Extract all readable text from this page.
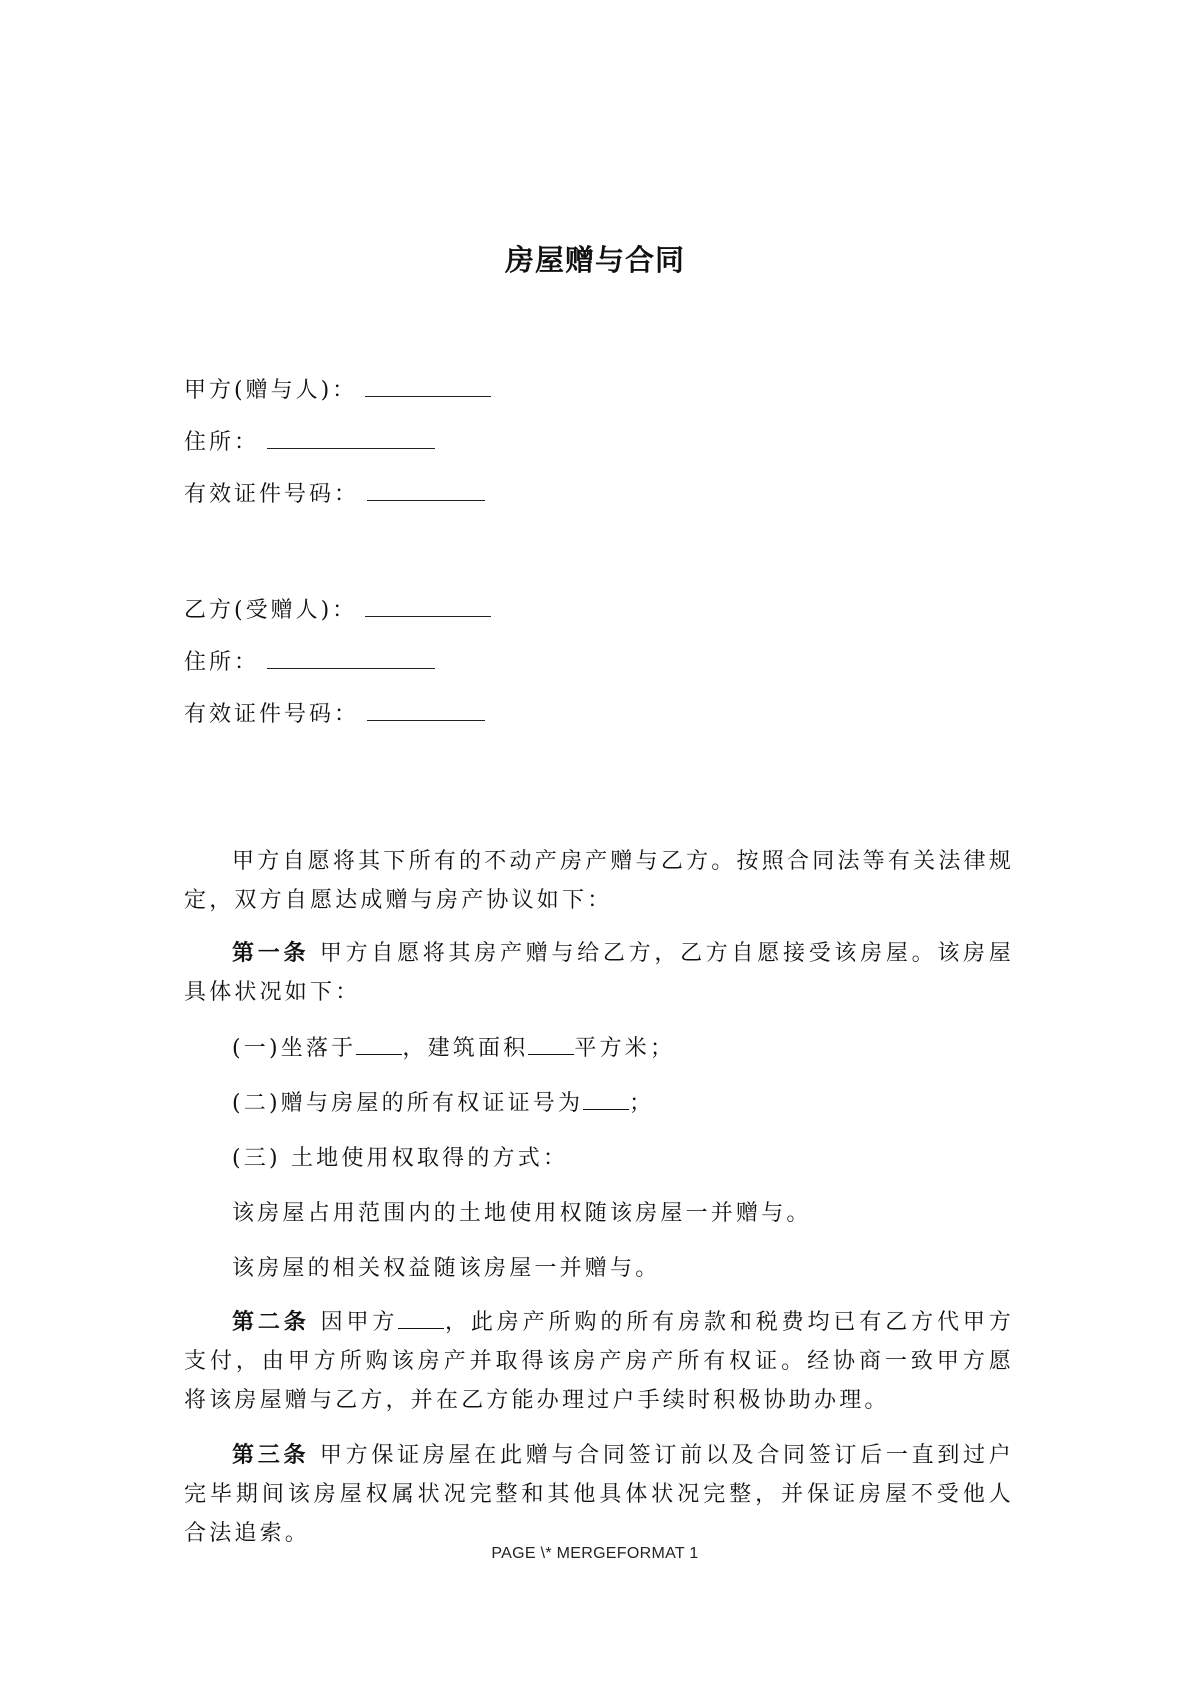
房屋赠与合同
甲方(赠与人)：
住所：
有效证件号码：
乙方(受赠人)：
住所：
有效证件号码：
甲方自愿将其下所有的不动产房产赠与乙方。按照合同法等有关法律规定，双方自愿达成赠与房产协议如下：
第一条 甲方自愿将其房产赠与给乙方，乙方自愿接受该房屋。该房屋具体状况如下：
(一)坐落于 ，建筑面积 平方米；
(二)赠与房屋的所有权证证号为 ；
(三) 土地使用权取得的方式：
该房屋占用范围内的土地使用权随该房屋一并赠与。
该房屋的相关权益随该房屋一并赠与。
第二条 因甲方 ，此房产所购的所有房款和税费均已有乙方代甲方支付，由甲方所购该房产并取得该房产房产所有权证。经协商一致甲方愿将该房屋赠与乙方，并在乙方能办理过户手续时积极协助办理。
第三条 甲方保证房屋在此赠与合同签订前以及合同签订后一直到过户完毕期间该房屋权属状况完整和其他具体状况完整，并保证房屋不受他人合法追索。
PAGE \* MERGEFORMAT 1
